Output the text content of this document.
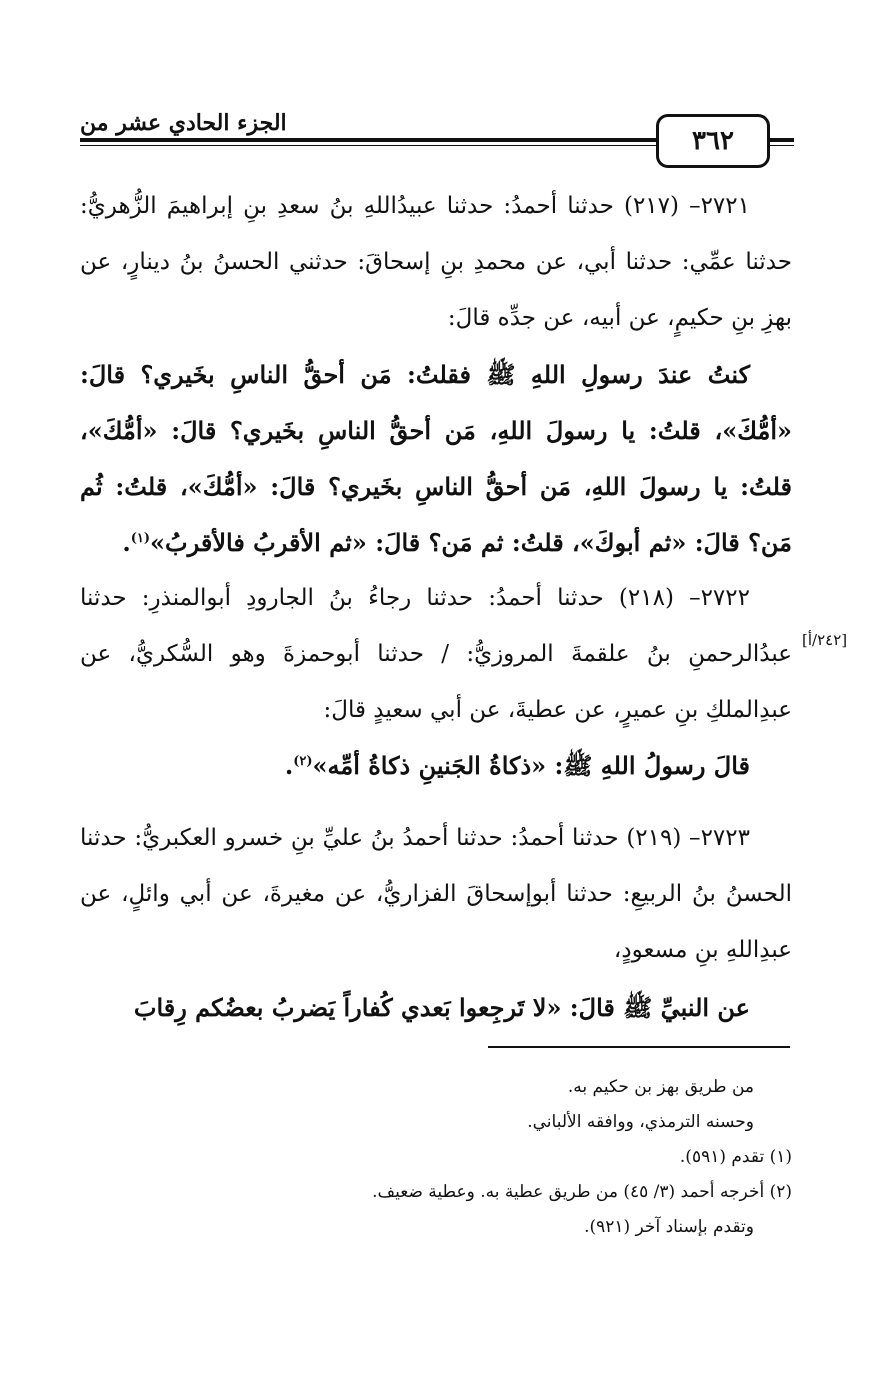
٣٦٢
الجزء الحادي عشر من

٢٧٢١– (٢١٧) حدثنا أحمدُ: حدثنا عبيدُاللهِ بنُ سعدِ بنِ إبراهيمَ الزُّهريُّ: حدثنا عمِّي: حدثنا أبي، عن محمدِ بنِ إسحاقَ: حدثني الحسنُ بنُ دينارٍ، عن بهزِ بنِ حكيمٍ، عن أبيه، عن جدِّه قالَ:

كنتُ عندَ رسولِ اللهِ ﷺ فقلتُ: مَن أحقُّ الناسِ بخَيري؟ قالَ: «أمُّكَ»، قلتُ: يا رسولَ اللهِ، مَن أحقُّ الناسِ بخَيري؟ قالَ: «أمُّكَ»، قلتُ: يا رسولَ اللهِ، مَن أحقُّ الناسِ بخَيري؟ قالَ: «أمُّكَ»، قلتُ: ثُم مَن؟ قالَ: «ثم أبوكَ»، قلتُ: ثم مَن؟ قالَ: «ثم الأقربُ فالأقربُ»$^{(١)}$.

٢٧٢٢– (٢١٨) حدثنا أحمدُ: حدثنا رجاءُ بنُ الجارودِ أبوالمنذرِ: حدثنا عبدُالرحمنِ بنُ علقمةَ المروزيُّ: / حدثنا أبوحمزةَ وهو السُّكريُّ، عن عبدِالملكِ بنِ عميرٍ، عن عطيةَ، عن أبي سعيدٍ قالَ:

[٢٤٢/أ]

قالَ رسولُ اللهِ ﷺ: «ذكاةُ الجَنينِ ذكاةُ أمِّه»$^{(٢)}$.

٢٧٢٣– (٢١٩) حدثنا أحمدُ: حدثنا أحمدُ بنُ عليِّ بنِ خسرو العكبريُّ: حدثنا الحسنُ بنُ الربيعِ: حدثنا أبوإسحاقَ الفزاريُّ، عن مغيرةَ، عن أبي وائلٍ، عن عبدِاللهِ بنِ مسعودٍ،

عن النبيِّ ﷺ قالَ: «لا تَرجِعوا بَعدي كُفاراً يَضربُ بعضُكم رِقابَ

من طريق بهز بن حكيم به.
وحسنه الترمذي، ووافقه الألباني.
(١) تقدم (٥٩١).
(٢) أخرجه أحمد (٣/ ٤٥) من طريق عطية به. وعطية ضعيف.
وتقدم بإسناد آخر (٩٢١).
